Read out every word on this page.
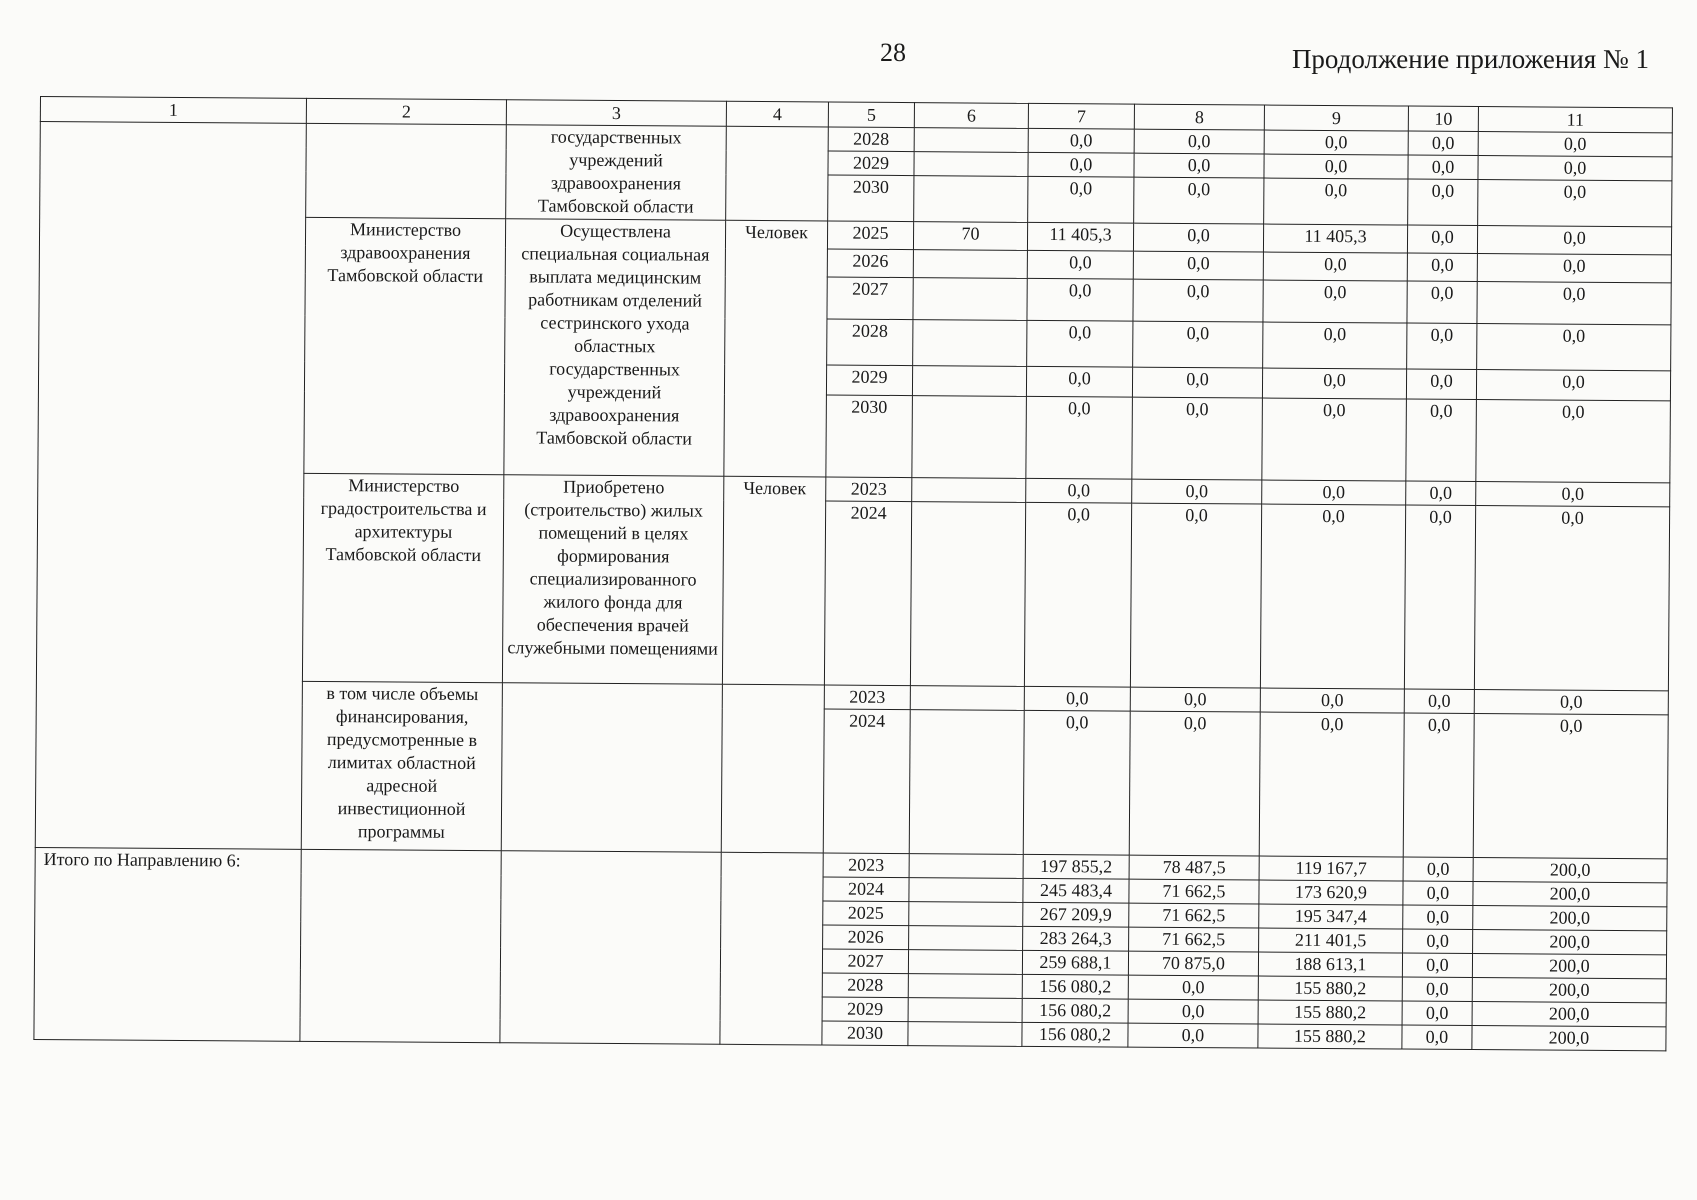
28	Продолжение приложения № 1
1	2	3	4	5	6	7	8	9	10	11
		государственных учреждений здравоохранения Тамбовской области		2028		0,0	0,0	0,0	0,0	0,0
				2029		0,0	0,0	0,0	0,0	0,0
				2030		0,0	0,0	0,0	0,0	0,0
	Министерство здравоохранения Тамбовской области	Осуществлена специальная социальная выплата медицинским работникам отделений сестринского ухода областных государственных учреждений здравоохранения Тамбовской области	Человек	2025	70	11 405,3	0,0	11 405,3	0,0	0,0
				2026		0,0	0,0	0,0	0,0	0,0
				2027		0,0	0,0	0,0	0,0	0,0
				2028		0,0	0,0	0,0	0,0	0,0
				2029		0,0	0,0	0,0	0,0	0,0
				2030		0,0	0,0	0,0	0,0	0,0
	Министерство градостроительства и архитектуры Тамбовской области	Приобретено (строительство) жилых помещений в целях формирования специализированного жилого фонда для обеспечения врачей служебными помещениями	Человек	2023		0,0	0,0	0,0	0,0	0,0
				2024		0,0	0,0	0,0	0,0	0,0
	в том числе объемы финансирования, предусмотренные в лимитах областной адресной инвестиционной программы			2023		0,0	0,0	0,0	0,0	0,0
				2024		0,0	0,0	0,0	0,0	0,0
Итого по Направлению 6:				2023		197 855,2	78 487,5	119 167,7	0,0	200,0
				2024		245 483,4	71 662,5	173 620,9	0,0	200,0
				2025		267 209,9	71 662,5	195 347,4	0,0	200,0
				2026		283 264,3	71 662,5	211 401,5	0,0	200,0
				2027		259 688,1	70 875,0	188 613,1	0,0	200,0
				2028		156 080,2	0,0	155 880,2	0,0	200,0
				2029		156 080,2	0,0	155 880,2	0,0	200,0
				2030		156 080,2	0,0	155 880,2	0,0	200,0
